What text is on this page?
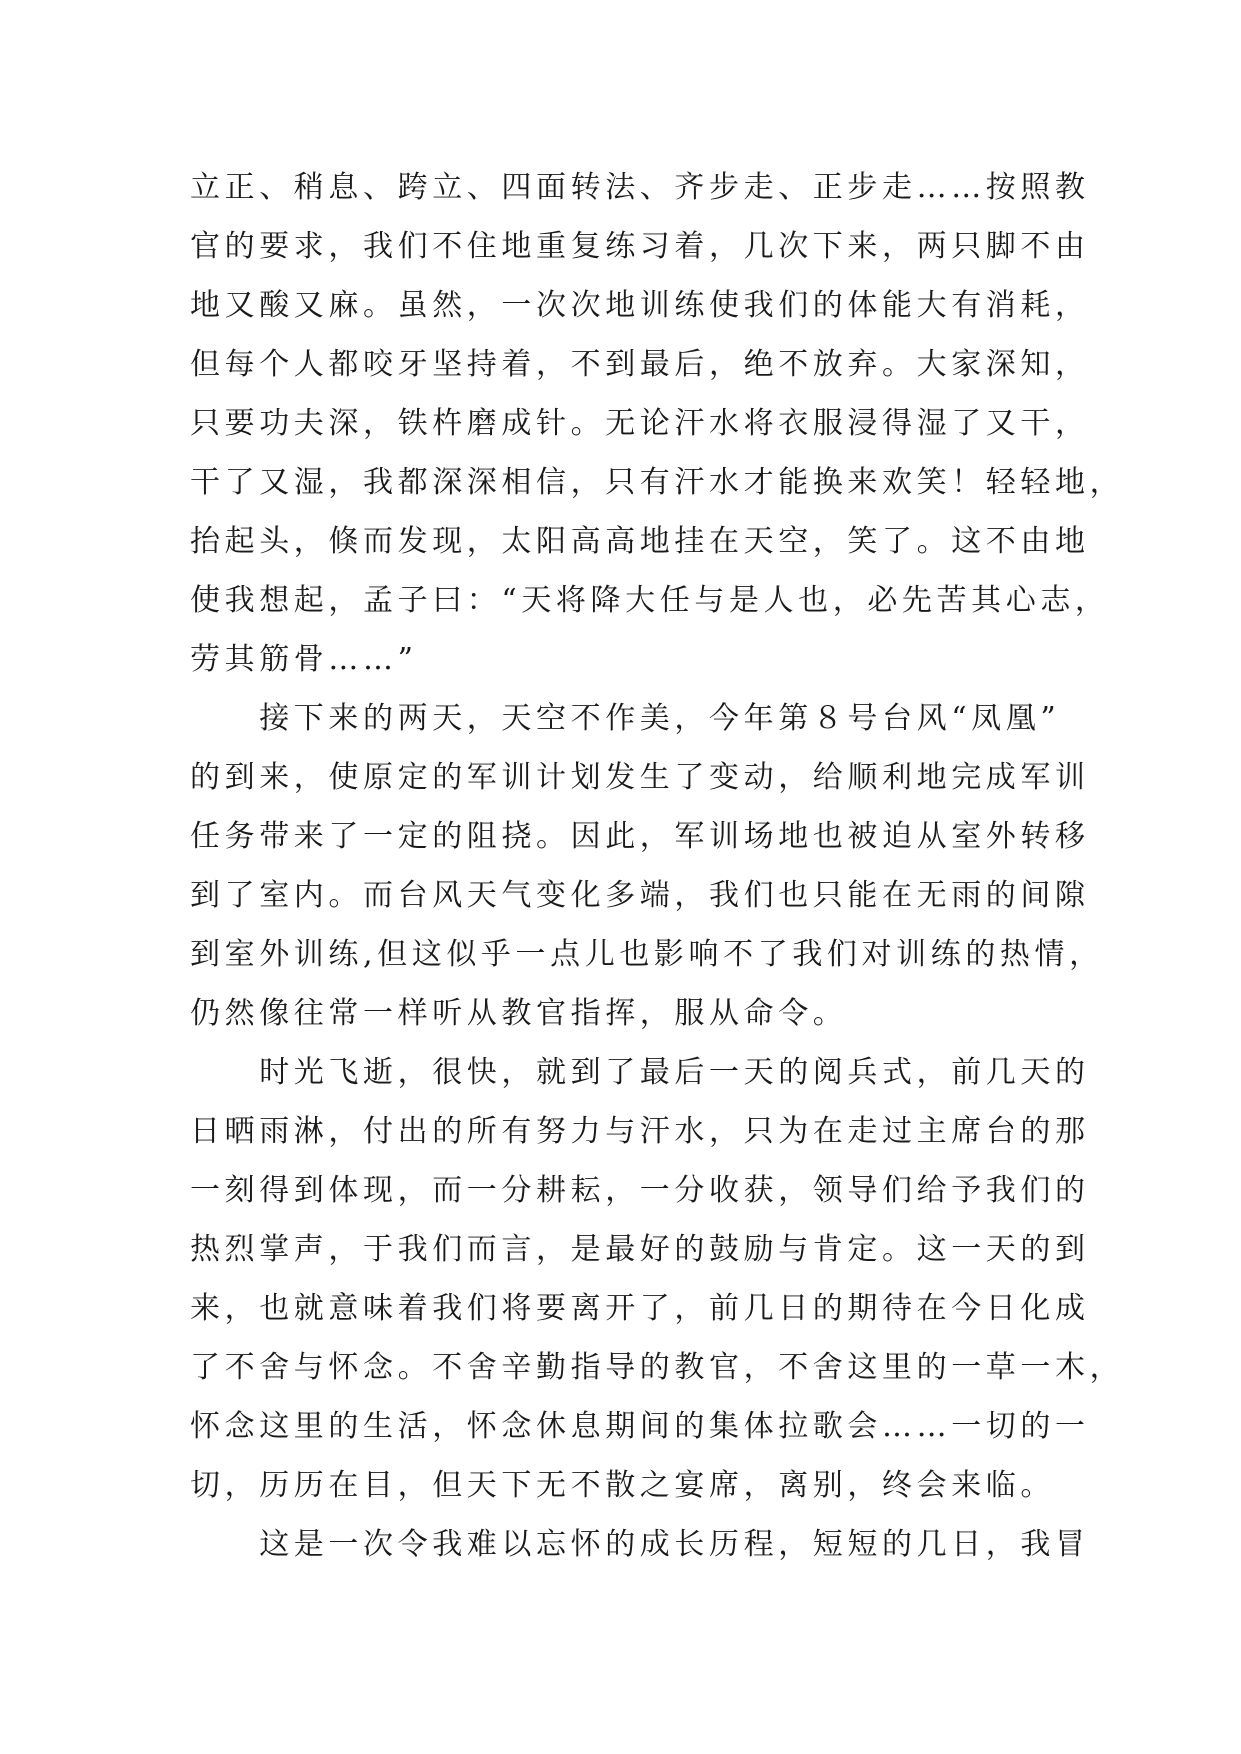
立正、稍息、跨立、四面转法、齐步走、正步走……按照教
官的要求，我们不住地重复练习着，几次下来，两只脚不由
地又酸又麻。虽然，一次次地训练使我们的体能大有消耗，
但每个人都咬牙坚持着，不到最后，绝不放弃。大家深知，
只要功夫深，铁杵磨成针。无论汗水将衣服浸得湿了又干，
干了又湿，我都深深相信，只有汗水才能换来欢笑！轻轻地，
抬起头，倏而发现，太阳高高地挂在天空，笑了。这不由地
使我想起，孟子曰：“天将降大任与是人也，必先苦其心志，
劳其筋骨……”
　　接下来的两天，天空不作美，今年第８号台风“凤凰”
的到来，使原定的军训计划发生了变动，给顺利地完成军训
任务带来了一定的阻挠。因此，军训场地也被迫从室外转移
到了室内。而台风天气变化多端，我们也只能在无雨的间隙
到室外训练,但这似乎一点儿也影响不了我们对训练的热情，
仍然像往常一样听从教官指挥，服从命令。
　　时光飞逝，很快，就到了最后一天的阅兵式，前几天的
日晒雨淋，付出的所有努力与汗水，只为在走过主席台的那
一刻得到体现，而一分耕耘，一分收获，领导们给予我们的
热烈掌声，于我们而言，是最好的鼓励与肯定。这一天的到
来，也就意味着我们将要离开了，前几日的期待在今日化成
了不舍与怀念。不舍辛勤指导的教官，不舍这里的一草一木，
怀念这里的生活，怀念休息期间的集体拉歌会……一切的一
切，历历在目，但天下无不散之宴席，离别，终会来临。
　　这是一次令我难以忘怀的成长历程，短短的几日，我冒
